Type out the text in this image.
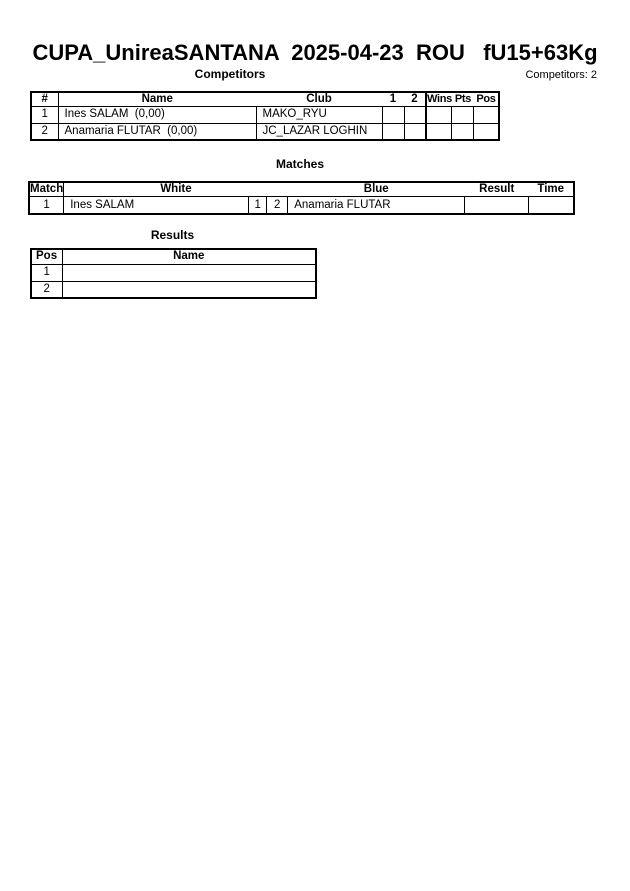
CUPA_UnireaSANTANA  2025-04-23  ROU   fU15+63Kg
Competitors	Competitors: 2
#	Name	Club	1	2	Wins	Pts	Pos
1	Ines SALAM  (0,00)	MAKO_RYU					
2	Anamaria FLUTAR  (0,00)	JC_LAZAR LOGHIN					
Matches
Match	White			Blue	Result	Time
1	Ines SALAM	1	2	Anamaria FLUTAR		
Results
Pos	Name
1	
2	
